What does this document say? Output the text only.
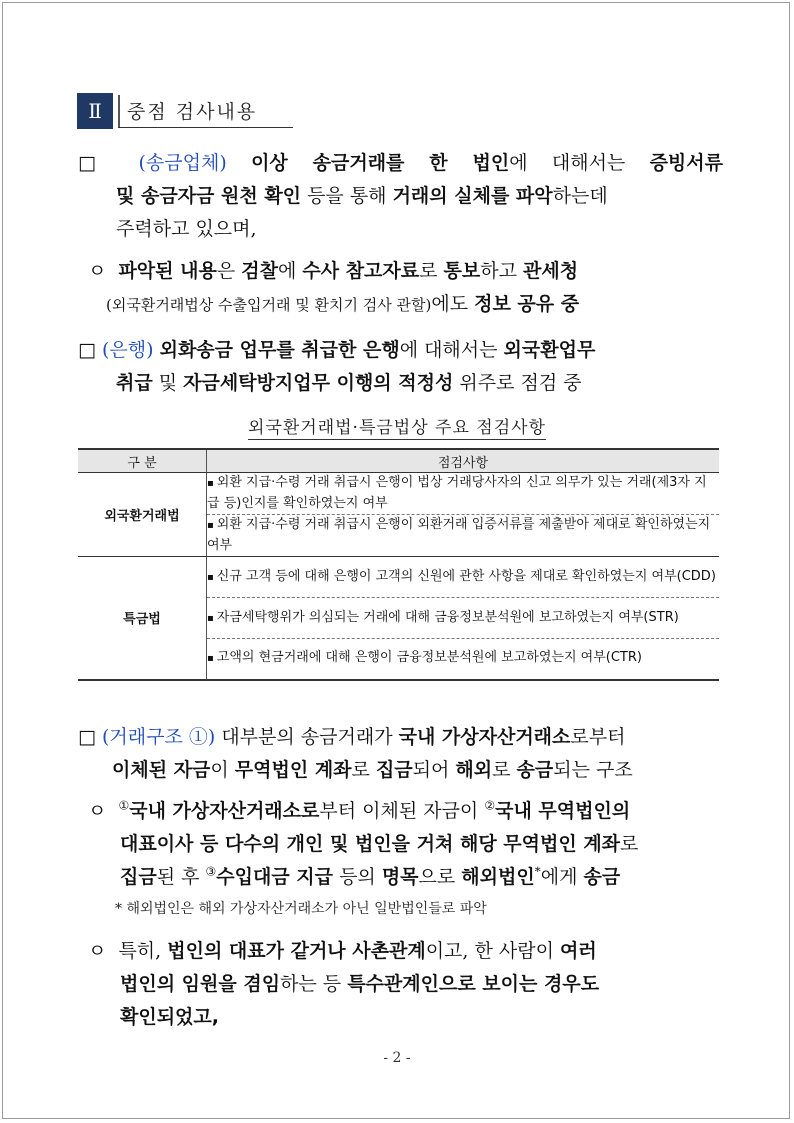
Ⅱ	중점 검사내용
□ (송금업체) 이상 송금거래를 한 법인에 대해서는 증빙서류
및 송금자금 원천 확인 등을 통해 거래의 실체를 파악하는데
주력하고 있으며,
ㅇ 파악된 내용은 검찰에 수사 참고자료로 통보하고 관세청
(외국환거래법상 수출입거래 및 환치기 검사 관할)에도 정보 공유 중
□ (은행) 외화송금 업무를 취급한 은행에 대해서는 외국환업무
취급 및 자금세탁방지업무 이행의 적정성 위주로 점검 중
외국환거래법·특금법상 주요 점검사항
구 분	점검사항
외국환거래법	▪ 외환 지급·수령 거래 취급시 은행이 법상 거래당사자의 신고 의무가 있는 거래(제3자 지급 등)인지를 확인하였는지 여부
	▪ 외환 지급·수령 거래 취급시 은행이 외환거래 입증서류를 제출받아 제대로 확인하였는지 여부
특금법	▪ 신규 고객 등에 대해 은행이 고객의 신원에 관한 사항을 제대로 확인하였는지 여부(CDD)
	▪ 자금세탁행위가 의심되는 거래에 대해 금융정보분석원에 보고하였는지 여부(STR)
	▪ 고액의 현금거래에 대해 은행이 금융정보분석원에 보고하였는지 여부(CTR)
□ (거래구조 ①) 대부분의 송금거래가 국내 가상자산거래소로부터
이체된 자금이 무역법인 계좌로 집금되어 해외로 송금되는 구조
ㅇ ①국내 가상자산거래소로부터 이체된 자금이 ②국내 무역법인의
대표이사 등 다수의 개인 및 법인을 거쳐 해당 무역법인 계좌로
집금된 후 ③수입대금 지급 등의 명목으로 해외법인*에게 송금
* 해외법인은 해외 가상자산거래소가 아닌 일반법인들로 파악
ㅇ 특히, 법인의 대표가 같거나 사촌관계이고, 한 사람이 여러
법인의 임원을 겸임하는 등 특수관계인으로 보이는 경우도
확인되었고,
- 2 -
